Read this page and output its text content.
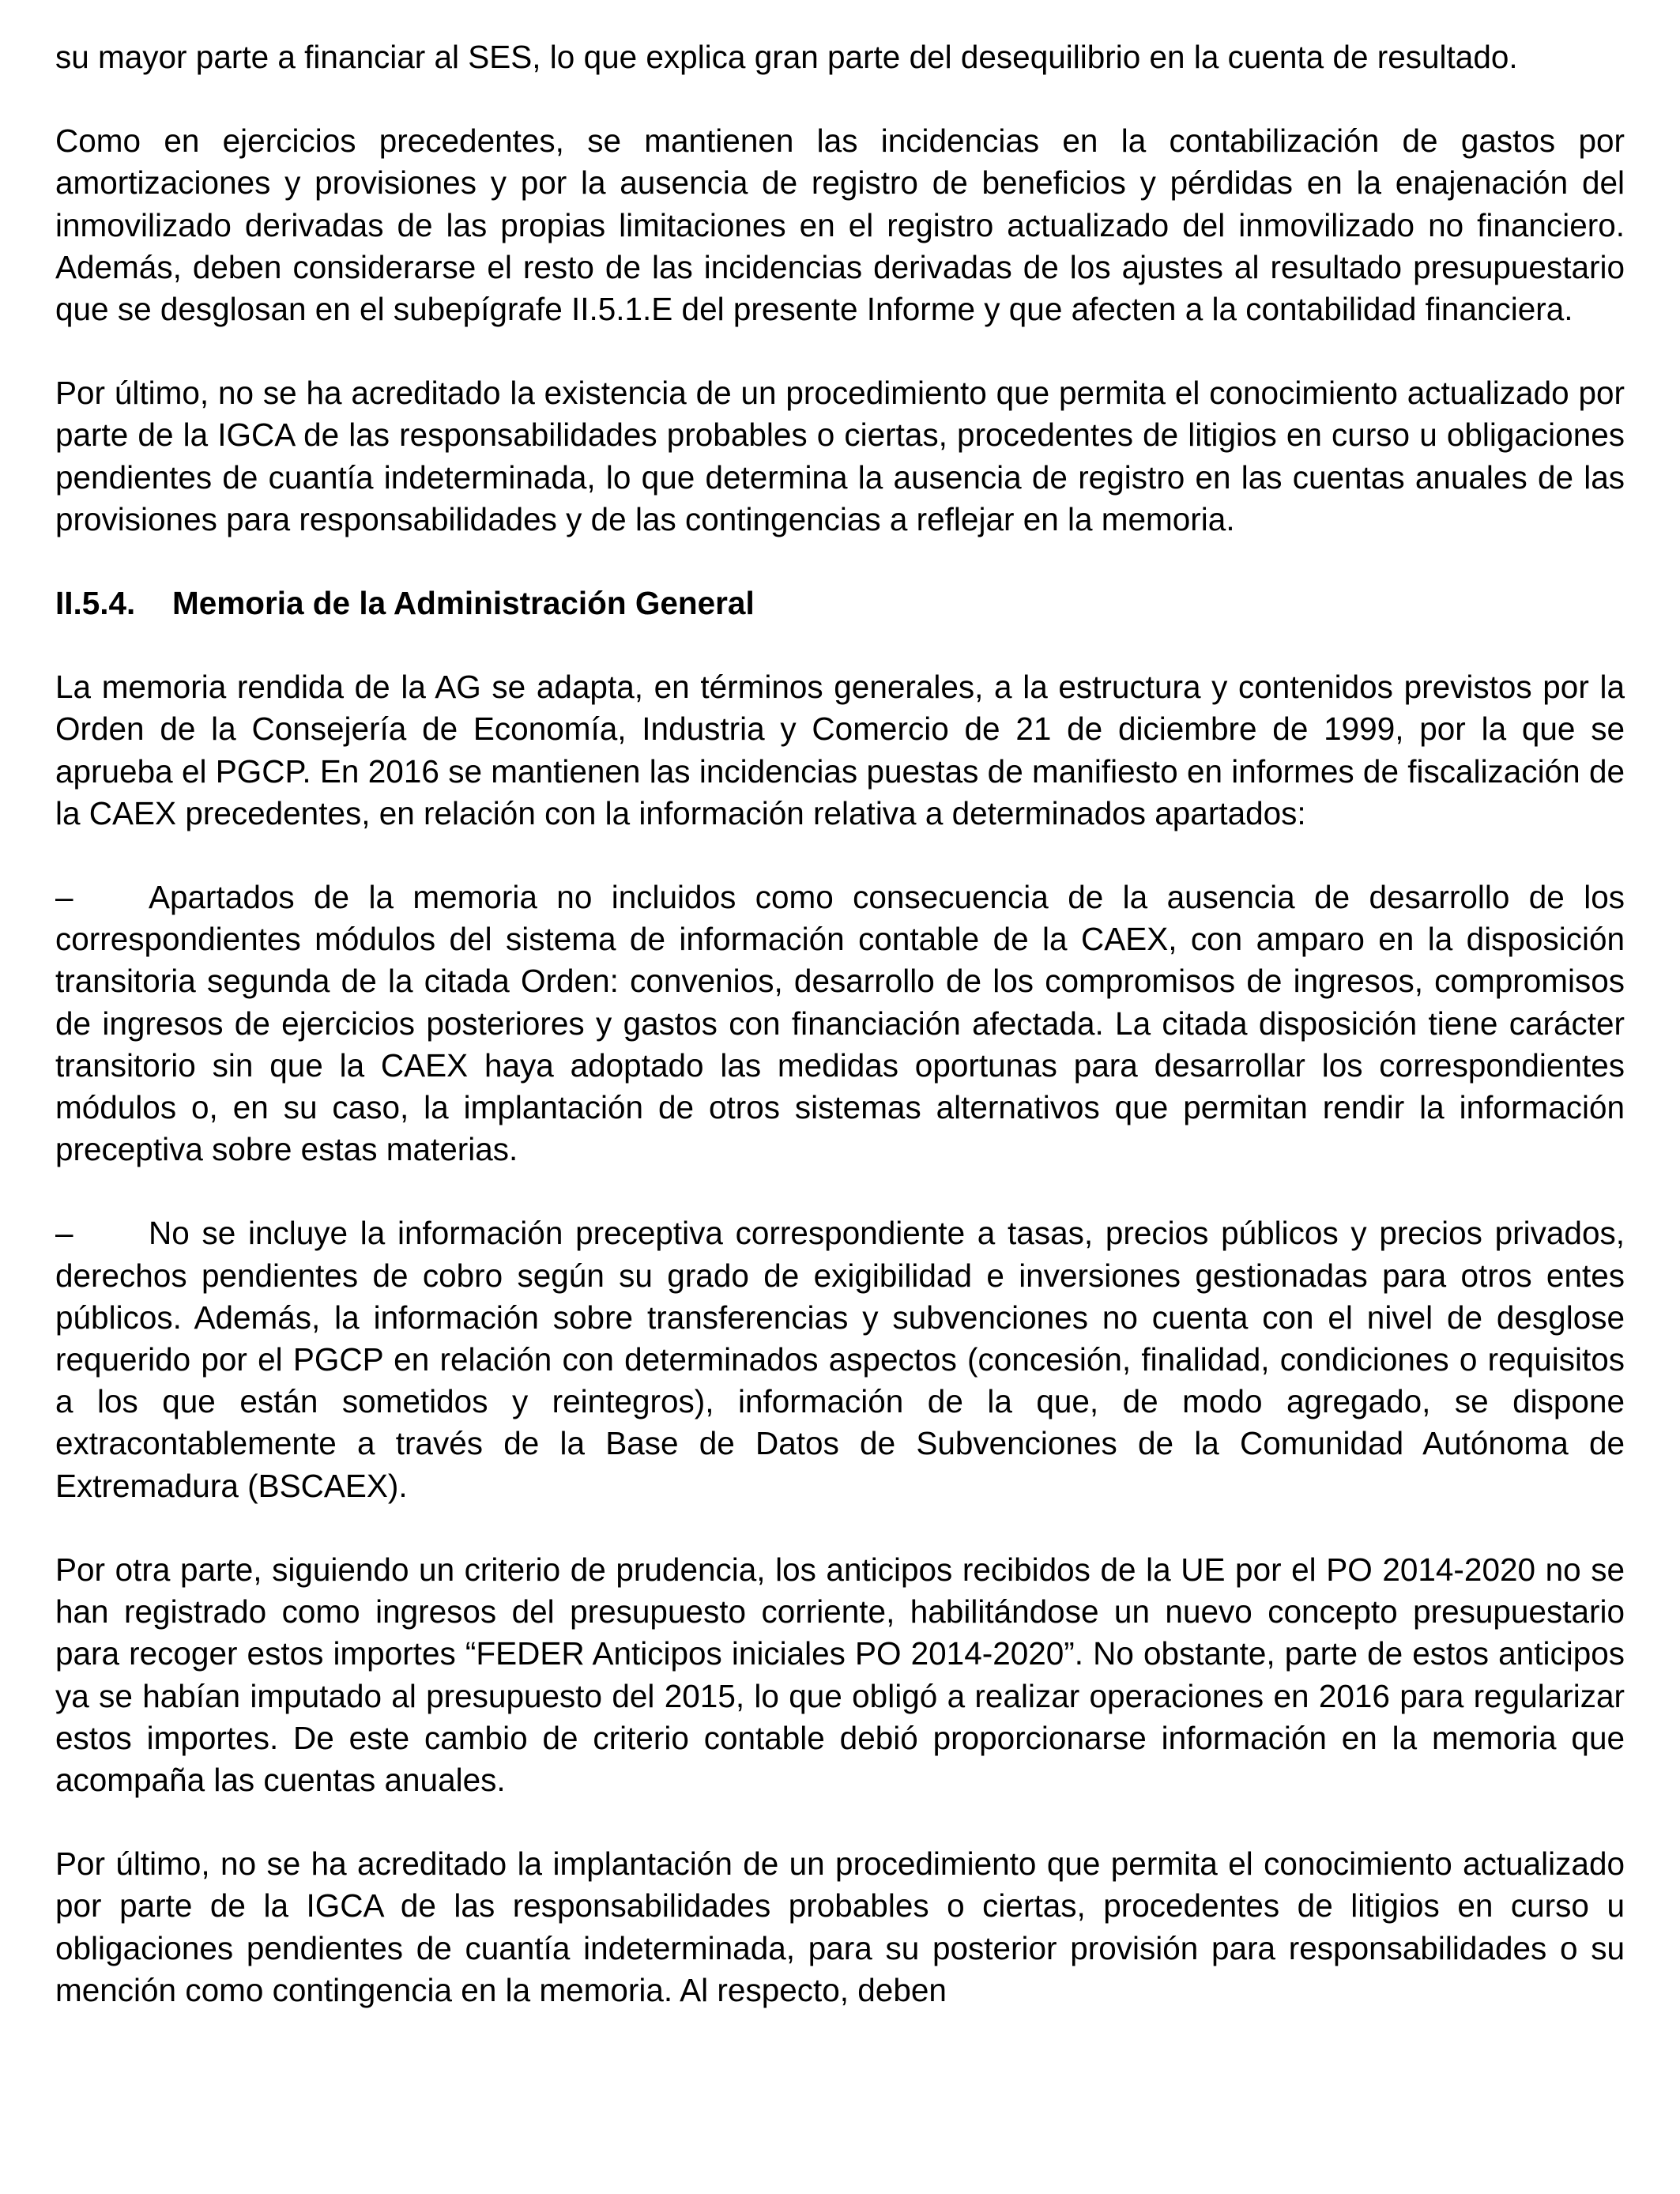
su mayor parte a financiar al SES, lo que explica gran parte del desequilibrio en la cuenta de resultado.

Como en ejercicios precedentes, se mantienen las incidencias en la contabilización de gastos por amortizaciones y provisiones y por la ausencia de registro de beneficios y pérdidas en la enajenación del inmovilizado derivadas de las propias limitaciones en el registro actualizado del inmovilizado no financiero. Además, deben considerarse el resto de las incidencias derivadas de los ajustes al resultado presupuestario que se desglosan en el subepígrafe II.5.1.E del presente Informe y que afecten a la contabilidad financiera.

Por último, no se ha acreditado la existencia de un procedimiento que permita el conocimiento actualizado por parte de la IGCA de las responsabilidades probables o ciertas, procedentes de litigios en curso u obligaciones pendientes de cuantía indeterminada, lo que determina la ausencia de registro en las cuentas anuales de las provisiones para responsabilidades y de las contingencias a reflejar en la memoria.

II.5.4. Memoria de la Administración General

La memoria rendida de la AG se adapta, en términos generales, a la estructura y contenidos previstos por la Orden de la Consejería de Economía, Industria y Comercio de 21 de diciembre de 1999, por la que se aprueba el PGCP. En 2016 se mantienen las incidencias puestas de manifiesto en informes de fiscalización de la CAEX precedentes, en relación con la información relativa a determinados apartados:

– Apartados de la memoria no incluidos como consecuencia de la ausencia de desarrollo de los correspondientes módulos del sistema de información contable de la CAEX, con amparo en la disposición transitoria segunda de la citada Orden: convenios, desarrollo de los compromisos de ingresos, compromisos de ingresos de ejercicios posteriores y gastos con financiación afectada. La citada disposición tiene carácter transitorio sin que la CAEX haya adoptado las medidas oportunas para desarrollar los correspondientes módulos o, en su caso, la implantación de otros sistemas alternativos que permitan rendir la información preceptiva sobre estas materias.

– No se incluye la información preceptiva correspondiente a tasas, precios públicos y precios privados, derechos pendientes de cobro según su grado de exigibilidad e inversiones gestionadas para otros entes públicos. Además, la información sobre transferencias y subvenciones no cuenta con el nivel de desglose requerido por el PGCP en relación con determinados aspectos (concesión, finalidad, condiciones o requisitos a los que están sometidos y reintegros), información de la que, de modo agregado, se dispone extracontablemente a través de la Base de Datos de Subvenciones de la Comunidad Autónoma de Extremadura (BSCAEX).

Por otra parte, siguiendo un criterio de prudencia, los anticipos recibidos de la UE por el PO 2014-2020 no se han registrado como ingresos del presupuesto corriente, habilitándose un nuevo concepto presupuestario para recoger estos importes “FEDER Anticipos iniciales PO 2014-2020”. No obstante, parte de estos anticipos ya se habían imputado al presupuesto del 2015, lo que obligó a realizar operaciones en 2016 para regularizar estos importes. De este cambio de criterio contable debió proporcionarse información en la memoria que acompaña las cuentas anuales.

Por último, no se ha acreditado la implantación de un procedimiento que permita el conocimiento actualizado por parte de la IGCA de las responsabilidades probables o ciertas, procedentes de litigios en curso u obligaciones pendientes de cuantía indeterminada, para su posterior provisión para responsabilidades o su mención como contingencia en la memoria. Al respecto, deben
